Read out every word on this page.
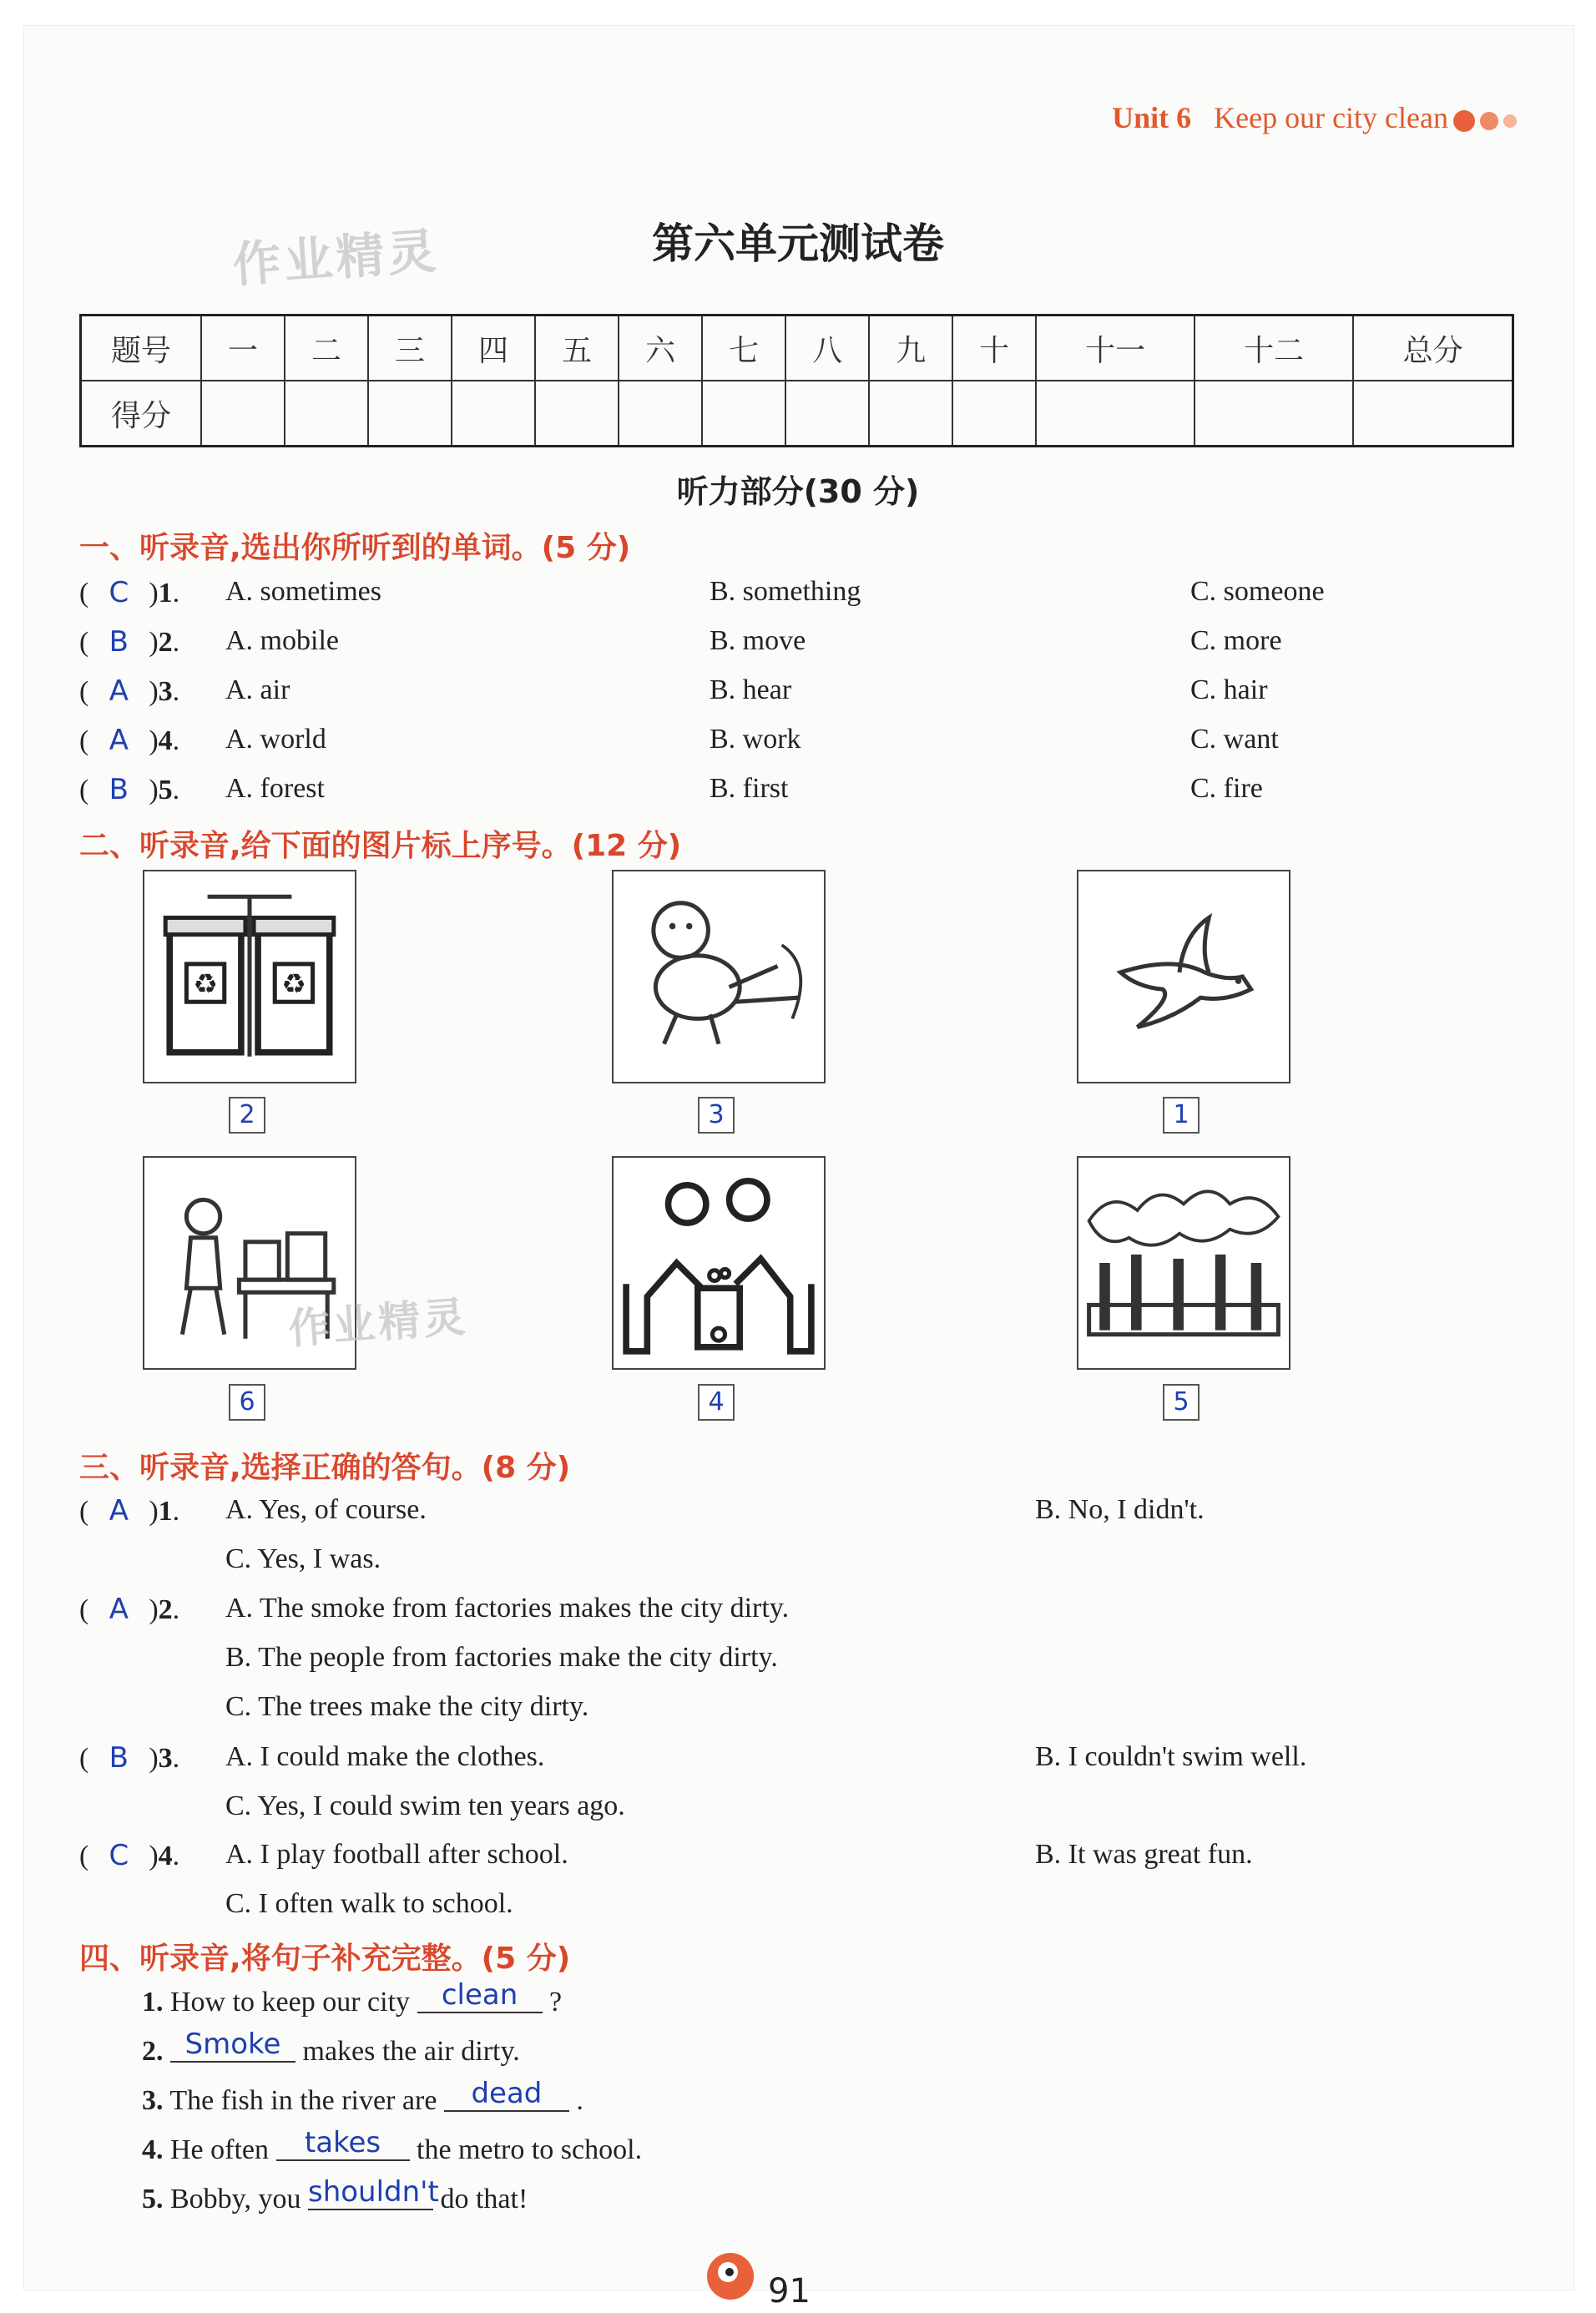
Unit 6 Keep our city clean
作业精灵	第六单元测试卷
题号	一	二	三	四	五	六	七	八	九	十	十一	十二	总分
得分													
听力部分(30 分)
一、听录音,选出你所听到的单词。(5 分)
( C )1. A. sometimes	B. something	C. someone
( B )2. A. mobile	B. move	C. more
( A )3. A. air	B. hear	C. hair
( A )4. A. world	B. work	C. want
( B )5. A. forest	B. first	C. fire
二、听录音,给下面的图片标上序号。(12 分)
♻	♻
2	3	1
6
作业精灵
4	5
三、听录音,选择正确的答句。(8 分)
( A )1. A. Yes, of course.	B. No, I didn't.
C. Yes, I was.
( A )2. A. The smoke from factories makes the city dirty.
B. The people from factories make the city dirty.
C. The trees make the city dirty.
( B )3. A. I could make the clothes.	B. I couldn't swim well.
C. Yes, I could swim ten years ago.
( C )4. A. I play football after school.	B. It was great fun.
C. I often walk to school.
四、听录音,将句子补充完整。(5 分)
1. How to keep our city clean ?
2. Smoke makes the air dirty.
3. The fish in the river are dead .
4. He often takes the metro to school.
5. Bobby, you shouldn't do that!
91
